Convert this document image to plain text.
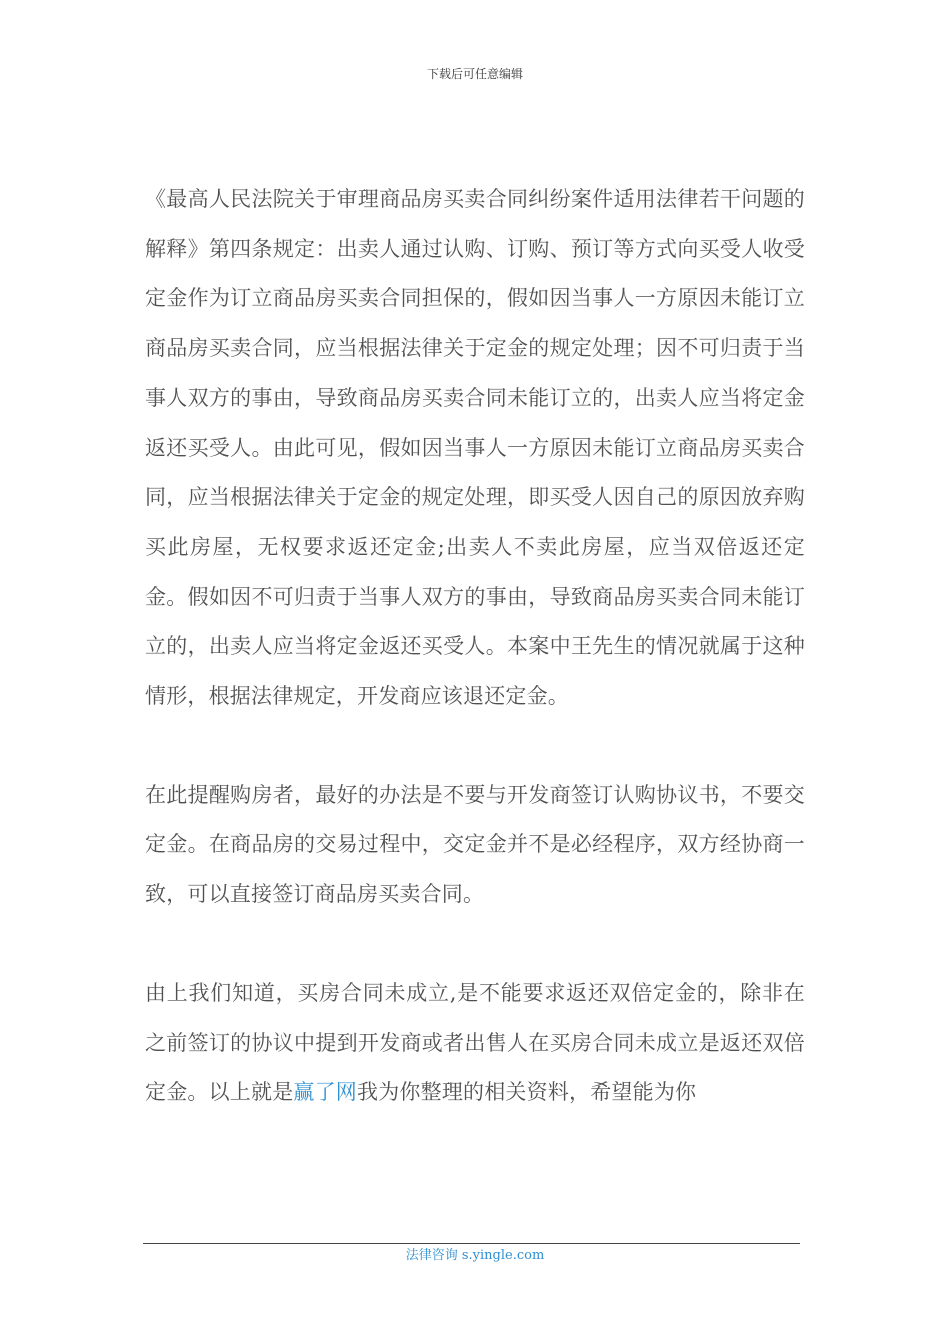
下载后可任意编辑

《最高人民法院关于审理商品房买卖合同纠纷案件适用法律若干问题的解释》第四条规定：出卖人通过认购、订购、预订等方式向买受人收受定金作为订立商品房买卖合同担保的，假如因当事人一方原因未能订立商品房买卖合同，应当根据法律关于定金的规定处理；因不可归责于当事人双方的事由，导致商品房买卖合同未能订立的，出卖人应当将定金返还买受人。由此可见，假如因当事人一方原因未能订立商品房买卖合同，应当根据法律关于定金的规定处理，即买受人因自己的原因放弃购买此房屋，无权要求返还定金;出卖人不卖此房屋，应当双倍返还定金。假如因不可归责于当事人双方的事由，导致商品房买卖合同未能订立的，出卖人应当将定金返还买受人。本案中王先生的情况就属于这种情形，根据法律规定，开发商应该退还定金。

在此提醒购房者，最好的办法是不要与开发商签订认购协议书，不要交定金。在商品房的交易过程中，交定金并不是必经程序，双方经协商一致，可以直接签订商品房买卖合同。

由上我们知道，买房合同未成立,是不能要求返还双倍定金的，除非在之前签订的协议中提到开发商或者出售人在买房合同未成立是返还双倍定金。以上就是赢了网我为你整理的相关资料，希望能为你

法律咨询 s.yingle.com
